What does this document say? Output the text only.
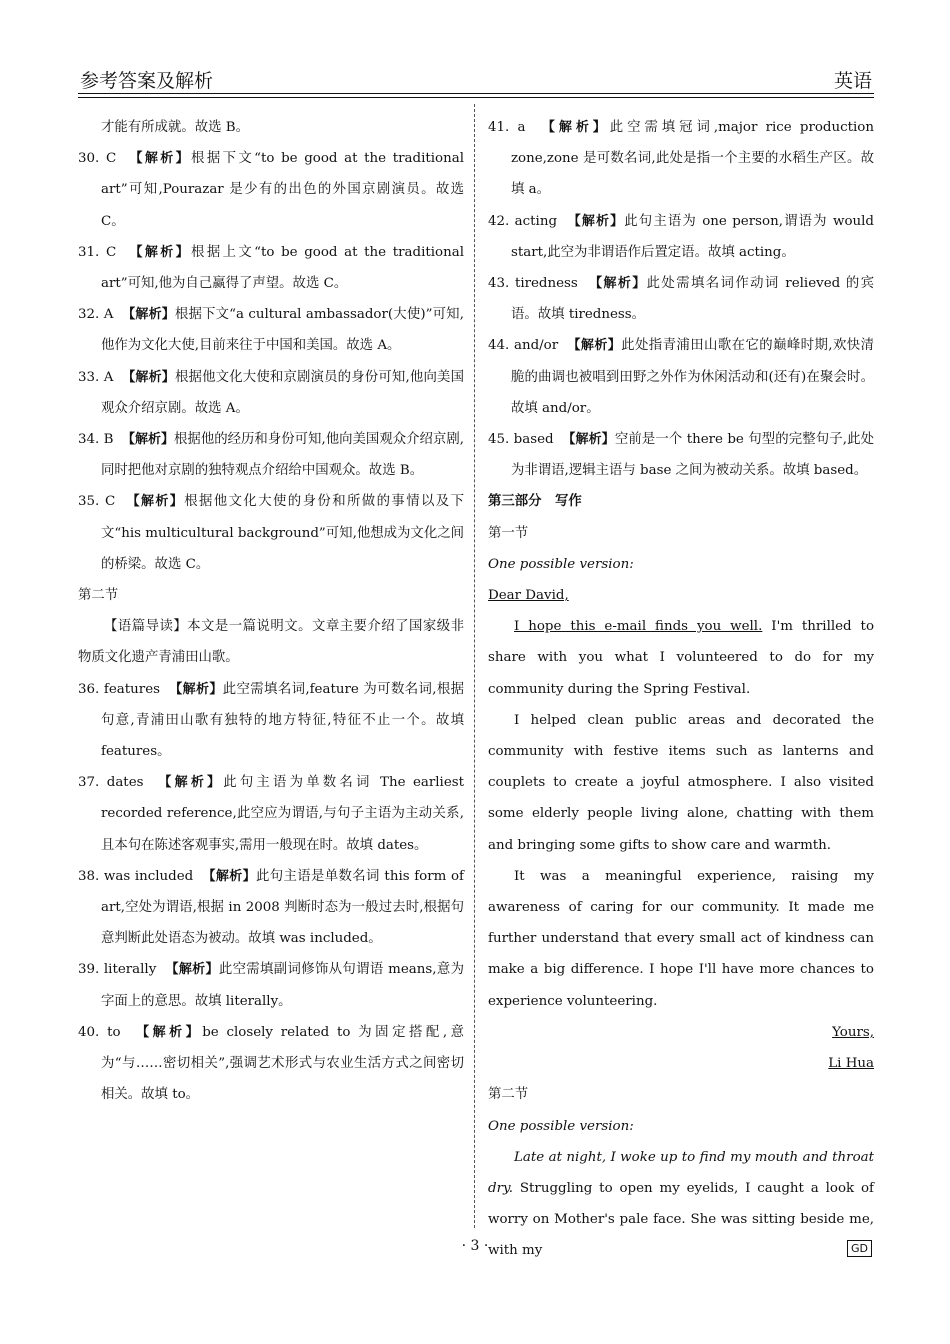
参考答案及解析	英语

才能有所成就。故选 B。

30. C 【解析】根据下文“to be good at the traditional art”可知,Pourazar 是少有的出色的外国京剧演员。故选 C。

31. C 【解析】根据上文“to be good at the traditional art”可知,他为自己赢得了声望。故选 C。

32. A 【解析】根据下文“a cultural ambassador(大使)”可知,他作为文化大使,目前来往于中国和美国。故选 A。

33. A 【解析】根据他文化大使和京剧演员的身份可知,他向美国观众介绍京剧。故选 A。

34. B 【解析】根据他的经历和身份可知,他向美国观众介绍京剧,同时把他对京剧的独特观点介绍给中国观众。故选 B。

35. C 【解析】根据他文化大使的身份和所做的事情以及下文“his multicultural background”可知,他想成为文化之间的桥梁。故选 C。

第二节

【语篇导读】本文是一篇说明文。文章主要介绍了国家级非物质文化遗产青浦田山歌。

36. features 【解析】此空需填名词,feature 为可数名词,根据句意,青浦田山歌有独特的地方特征,特征不止一个。故填 features。

37. dates 【解析】此句主语为单数名词 The earliest recorded reference,此空应为谓语,与句子主语为主动关系,且本句在陈述客观事实,需用一般现在时。故填 dates。

38. was included 【解析】此句主语是单数名词 this form of art,空处为谓语,根据 in 2008 判断时态为一般过去时,根据句意判断此处语态为被动。故填 was included。

39. literally 【解析】此空需填副词修饰从句谓语 means,意为字面上的意思。故填 literally。

40. to 【解析】be closely related to 为固定搭配,意为“与……密切相关”,强调艺术形式与农业生活方式之间密切相关。故填 to。

41. a 【解析】此空需填冠词,major rice production zone,zone 是可数名词,此处是指一个主要的水稻生产区。故填 a。

42. acting 【解析】此句主语为 one person,谓语为 would start,此空为非谓语作后置定语。故填 acting。

43. tiredness 【解析】此处需填名词作动词 relieved 的宾语。故填 tiredness。

44. and/or 【解析】此处指青浦田山歌在它的巅峰时期,欢快清脆的曲调也被唱到田野之外作为休闲活动和(还有)在聚会时。故填 and/or。

45. based 【解析】空前是一个 there be 句型的完整句子,此处为非谓语,逻辑主语与 base 之间为被动关系。故填 based。

第三部分　写作

第一节

One possible version:

Dear David,

I hope this e-mail finds you well. I'm thrilled to share with you what I volunteered to do for my community during the Spring Festival.

I helped clean public areas and decorated the community with festive items such as lanterns and couplets to create a joyful atmosphere. I also visited some elderly people living alone, chatting with them and bringing some gifts to show care and warmth.

It was a meaningful experience, raising my awareness of caring for our community. It made me further understand that every small act of kindness can make a big difference. I hope I'll have more chances to experience volunteering.

Yours,

Li Hua

第二节

One possible version:

Late at night, I woke up to find my mouth and throat dry. Struggling to open my eyelids, I caught a look of worry on Mother's pale face. She was sitting beside me, with my

· 3 ·	GD
